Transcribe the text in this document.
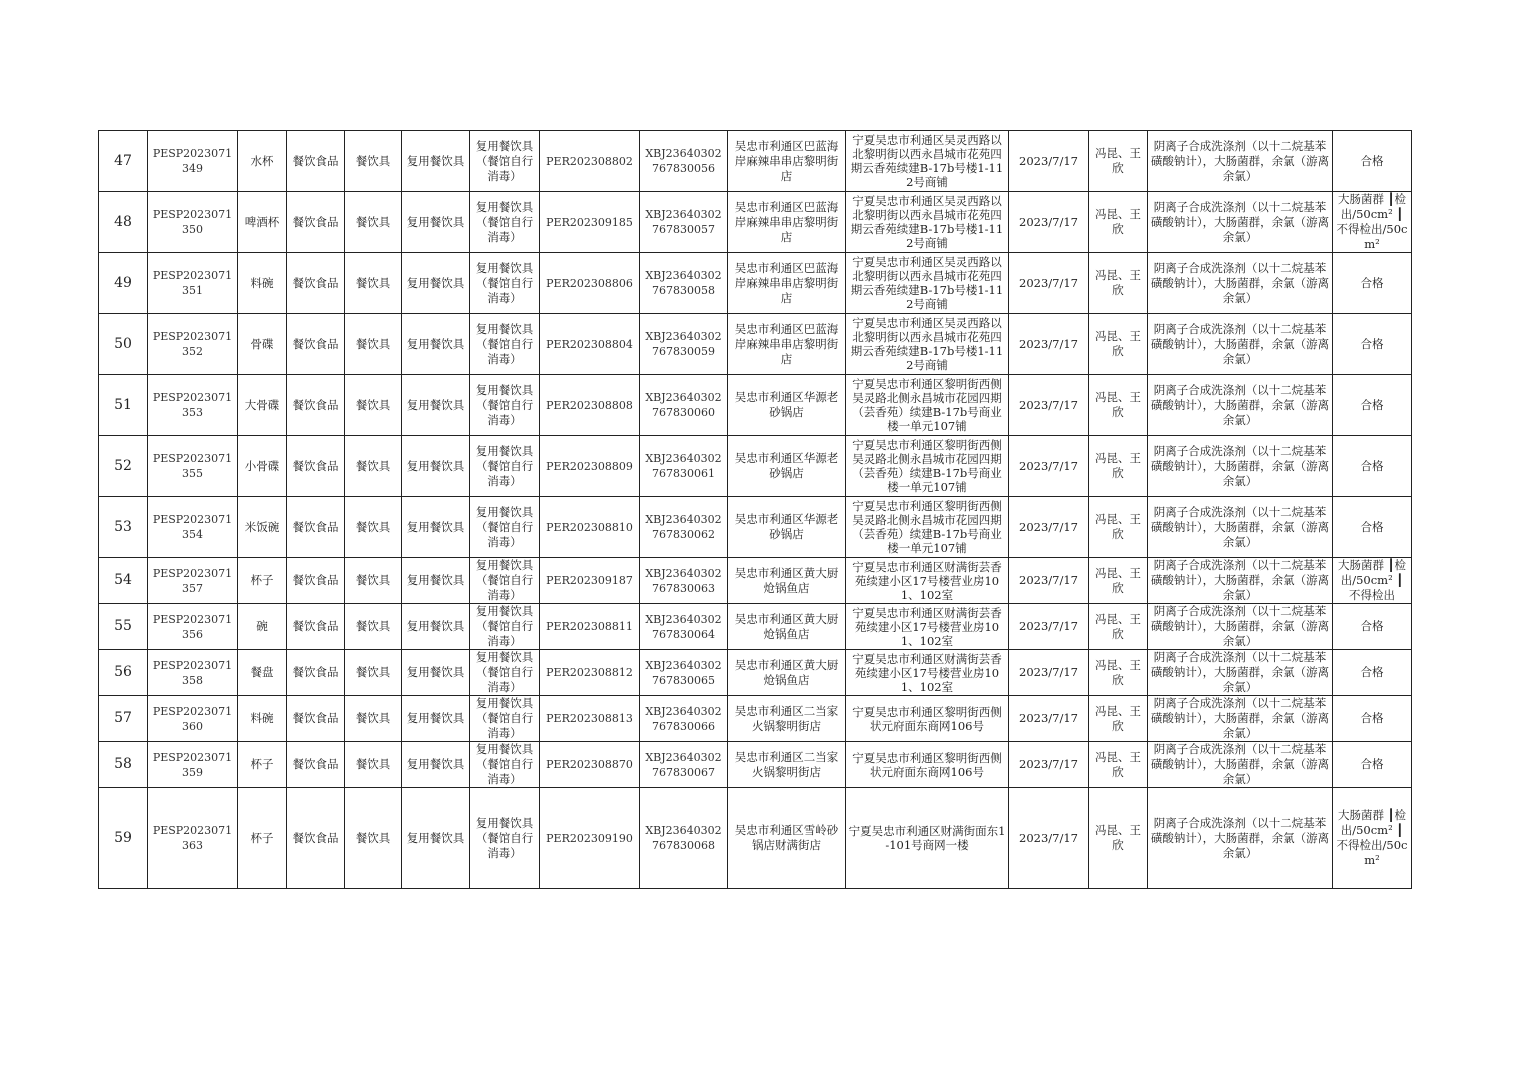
47	PESP2023071349	水杯	餐饮食品	餐饮具	复用餐饮具	复用餐饮具（餐馆自行消毒）	PER202308802	XBJ23640302767830056	吴忠市利通区巴蓝海岸麻辣串串店黎明街店	宁夏吴忠市利通区吴灵西路以北黎明街以西永昌城市花苑四期云香苑续建B-17b号楼1-112号商铺	2023/7/17	冯昆、王欣	阴离子合成洗涤剂（以十二烷基苯磺酸钠计），大肠菌群，余氯（游离余氯）	合格
48	PESP2023071350	啤酒杯	餐饮食品	餐饮具	复用餐饮具	复用餐饮具（餐馆自行消毒）	PER202309185	XBJ23640302767830057	吴忠市利通区巴蓝海岸麻辣串串店黎明街店	宁夏吴忠市利通区吴灵西路以北黎明街以西永昌城市花苑四期云香苑续建B-17b号楼1-112号商铺	2023/7/17	冯昆、王欣	阴离子合成洗涤剂（以十二烷基苯磺酸钠计），大肠菌群，余氯（游离余氯）	大肠菌群 ┃检出/50cm² ┃不得检出/50cm²
49	PESP2023071351	料碗	餐饮食品	餐饮具	复用餐饮具	复用餐饮具（餐馆自行消毒）	PER202308806	XBJ23640302767830058	吴忠市利通区巴蓝海岸麻辣串串店黎明街店	宁夏吴忠市利通区吴灵西路以北黎明街以西永昌城市花苑四期云香苑续建B-17b号楼1-112号商铺	2023/7/17	冯昆、王欣	阴离子合成洗涤剂（以十二烷基苯磺酸钠计），大肠菌群，余氯（游离余氯）	合格
50	PESP2023071352	骨碟	餐饮食品	餐饮具	复用餐饮具	复用餐饮具（餐馆自行消毒）	PER202308804	XBJ23640302767830059	吴忠市利通区巴蓝海岸麻辣串串店黎明街店	宁夏吴忠市利通区吴灵西路以北黎明街以西永昌城市花苑四期云香苑续建B-17b号楼1-112号商铺	2023/7/17	冯昆、王欣	阴离子合成洗涤剂（以十二烷基苯磺酸钠计），大肠菌群，余氯（游离余氯）	合格
51	PESP2023071353	大骨碟	餐饮食品	餐饮具	复用餐饮具	复用餐饮具（餐馆自行消毒）	PER202308808	XBJ23640302767830060	吴忠市利通区华源老砂锅店	宁夏吴忠市利通区黎明街西侧吴灵路北侧永昌城市花园四期（芸香苑）续建B-17b号商业楼一单元107铺	2023/7/17	冯昆、王欣	阴离子合成洗涤剂（以十二烷基苯磺酸钠计），大肠菌群，余氯（游离余氯）	合格
52	PESP2023071355	小骨碟	餐饮食品	餐饮具	复用餐饮具	复用餐饮具（餐馆自行消毒）	PER202308809	XBJ23640302767830061	吴忠市利通区华源老砂锅店	宁夏吴忠市利通区黎明街西侧吴灵路北侧永昌城市花园四期（芸香苑）续建B-17b号商业楼一单元107铺	2023/7/17	冯昆、王欣	阴离子合成洗涤剂（以十二烷基苯磺酸钠计），大肠菌群，余氯（游离余氯）	合格
53	PESP2023071354	米饭碗	餐饮食品	餐饮具	复用餐饮具	复用餐饮具（餐馆自行消毒）	PER202308810	XBJ23640302767830062	吴忠市利通区华源老砂锅店	宁夏吴忠市利通区黎明街西侧吴灵路北侧永昌城市花园四期（芸香苑）续建B-17b号商业楼一单元107铺	2023/7/17	冯昆、王欣	阴离子合成洗涤剂（以十二烷基苯磺酸钠计），大肠菌群，余氯（游离余氯）	合格
54	PESP2023071357	杯子	餐饮食品	餐饮具	复用餐饮具	复用餐饮具（餐馆自行消毒）	PER202309187	XBJ23640302767830063	吴忠市利通区黄大厨炝锅鱼店	宁夏吴忠市利通区财满街芸香苑续建小区17号楼营业房101、102室	2023/7/17	冯昆、王欣	阴离子合成洗涤剂（以十二烷基苯磺酸钠计），大肠菌群，余氯（游离余氯）	大肠菌群 ┃检出/50cm² ┃不得检出
55	PESP2023071356	碗	餐饮食品	餐饮具	复用餐饮具	复用餐饮具（餐馆自行消毒）	PER202308811	XBJ23640302767830064	吴忠市利通区黄大厨炝锅鱼店	宁夏吴忠市利通区财满街芸香苑续建小区17号楼营业房101、102室	2023/7/17	冯昆、王欣	阴离子合成洗涤剂（以十二烷基苯磺酸钠计），大肠菌群，余氯（游离余氯）	合格
56	PESP2023071358	餐盘	餐饮食品	餐饮具	复用餐饮具	复用餐饮具（餐馆自行消毒）	PER202308812	XBJ23640302767830065	吴忠市利通区黄大厨炝锅鱼店	宁夏吴忠市利通区财满街芸香苑续建小区17号楼营业房101、102室	2023/7/17	冯昆、王欣	阴离子合成洗涤剂（以十二烷基苯磺酸钠计），大肠菌群，余氯（游离余氯）	合格
57	PESP2023071360	料碗	餐饮食品	餐饮具	复用餐饮具	复用餐饮具（餐馆自行消毒）	PER202308813	XBJ23640302767830066	吴忠市利通区二当家火锅黎明街店	宁夏吴忠市利通区黎明街西侧状元府面东商网106号	2023/7/17	冯昆、王欣	阴离子合成洗涤剂（以十二烷基苯磺酸钠计），大肠菌群，余氯（游离余氯）	合格
58	PESP2023071359	杯子	餐饮食品	餐饮具	复用餐饮具	复用餐饮具（餐馆自行消毒）	PER202308870	XBJ23640302767830067	吴忠市利通区二当家火锅黎明街店	宁夏吴忠市利通区黎明街西侧状元府面东商网106号	2023/7/17	冯昆、王欣	阴离子合成洗涤剂（以十二烷基苯磺酸钠计），大肠菌群，余氯（游离余氯）	合格
59	PESP2023071363	杯子	餐饮食品	餐饮具	复用餐饮具	复用餐饮具（餐馆自行消毒）	PER202309190	XBJ23640302767830068	吴忠市利通区雪岭砂锅店财满街店	宁夏吴忠市利通区财满街面东1-101号商网一楼	2023/7/17	冯昆、王欣	阴离子合成洗涤剂（以十二烷基苯磺酸钠计），大肠菌群，余氯（游离余氯）	大肠菌群 ┃检出/50cm² ┃不得检出/50cm²
